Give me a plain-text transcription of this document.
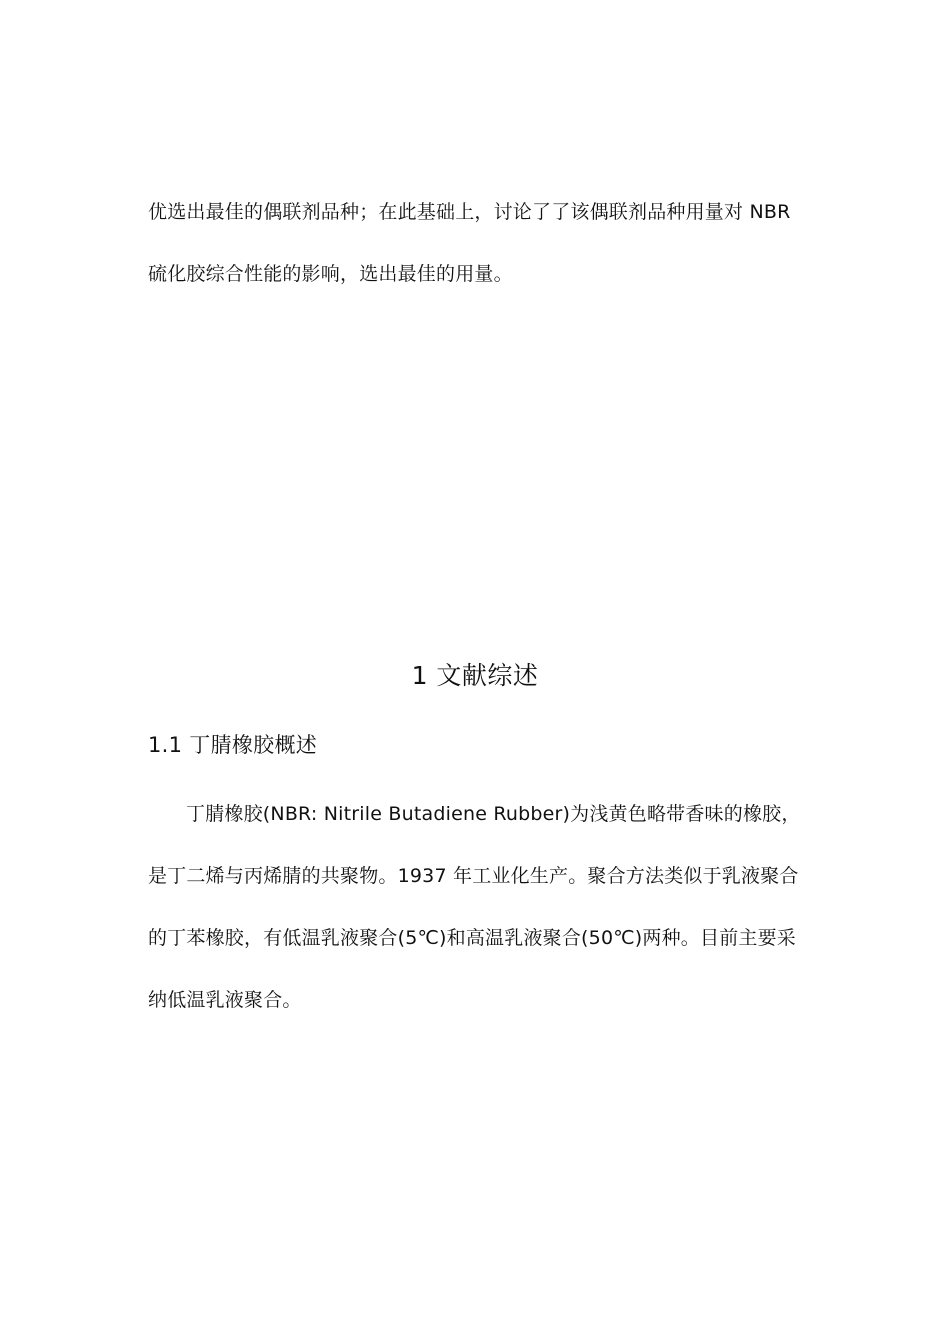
优选出最佳的偶联剂品种；在此基础上，讨论了了该偶联剂品种用量对 NBR
硫化胶综合性能的影响，选出最佳的用量。
1 文献综述
1.1 丁腈橡胶概述
丁腈橡胶(NBR: Nitrile Butadiene Rubber)为浅黄色略带香味的橡胶，
是丁二烯与丙烯腈的共聚物。1937 年工业化生产。聚合方法类似于乳液聚合
的丁苯橡胶，有低温乳液聚合(5℃)和高温乳液聚合(50℃)两种。目前主要采
纳低温乳液聚合。
